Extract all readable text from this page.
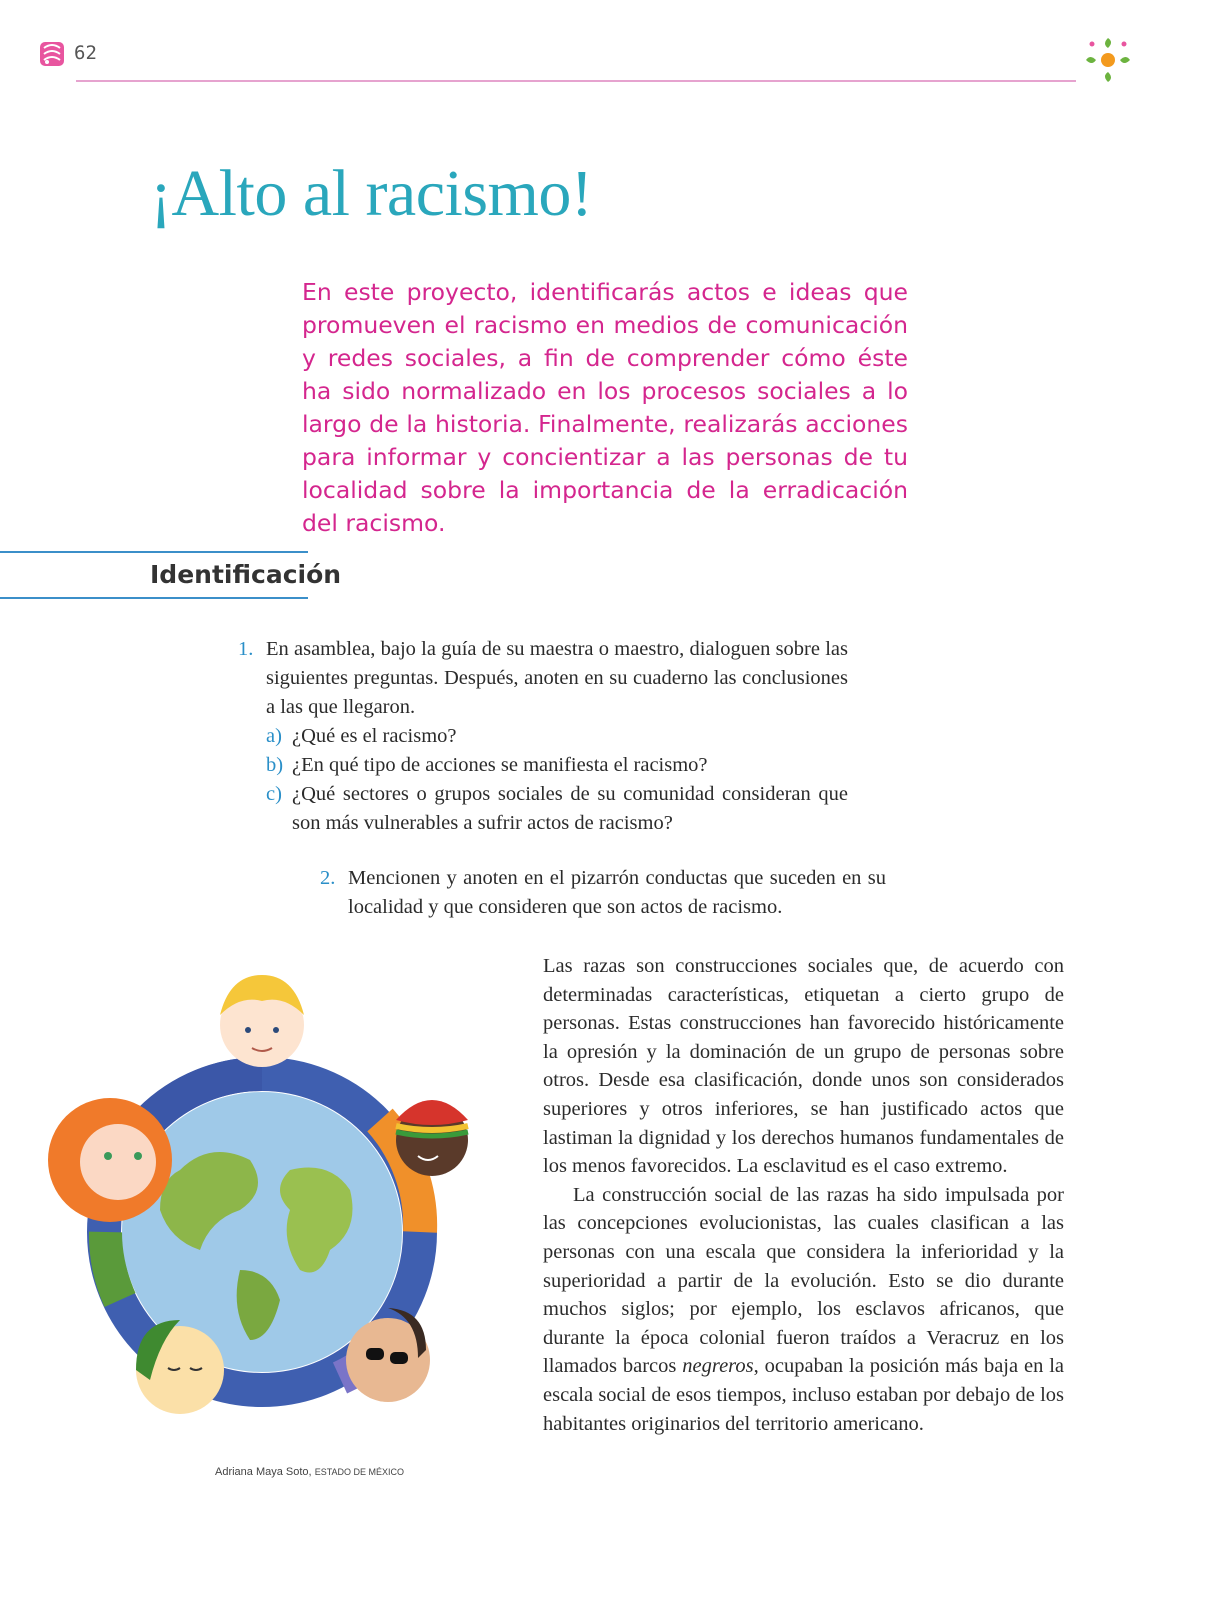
62
¡Alto al racismo!

En este proyecto, identificarás actos e ideas que promueven el racismo en medios de comunicación y redes sociales, a fin de comprender cómo éste ha sido normalizado en los procesos sociales a lo largo de la historia. Finalmente, realizarás acciones para informar y concientizar a las personas de tu localidad sobre la importancia de la erradicación del racismo.

Identificación
1. En asamblea, bajo la guía de su maestra o maestro, dialoguen sobre las siguientes preguntas. Después, anoten en su cuaderno las conclusiones a las que llegaron.
a) ¿Qué es el racismo?
b) ¿En qué tipo de acciones se manifiesta el racismo?
c) ¿Qué sectores o grupos sociales de su comunidad consideran que son más vulnerables a sufrir actos de racismo?
2. Mencionen y anoten en el pizarrón conductas que suceden en su localidad y que consideren que son actos de racismo.
Adriana Maya Soto, ESTADO DE MÉXICO

Las razas son construcciones sociales que, de acuerdo con determinadas características, etiquetan a cierto grupo de personas. Estas construcciones han favorecido históricamente la opresión y la dominación de un grupo de personas sobre otros. Desde esa clasificación, donde unos son considerados superiores y otros inferiores, se han justificado actos que lastiman la dignidad y los derechos humanos fundamentales de los menos favorecidos. La esclavitud es el caso extremo.

La construcción social de las razas ha sido impulsada por las concepciones evolucionistas, las cuales clasifican a las personas con una escala que considera la inferioridad y la superioridad a partir de la evolución. Esto se dio durante muchos siglos; por ejemplo, los esclavos africanos, que durante la época colonial fueron traídos a Veracruz en los llamados barcos negreros, ocupaban la posición más baja en la escala social de esos tiempos, incluso estaban por debajo de los habitantes originarios del territorio americano.
